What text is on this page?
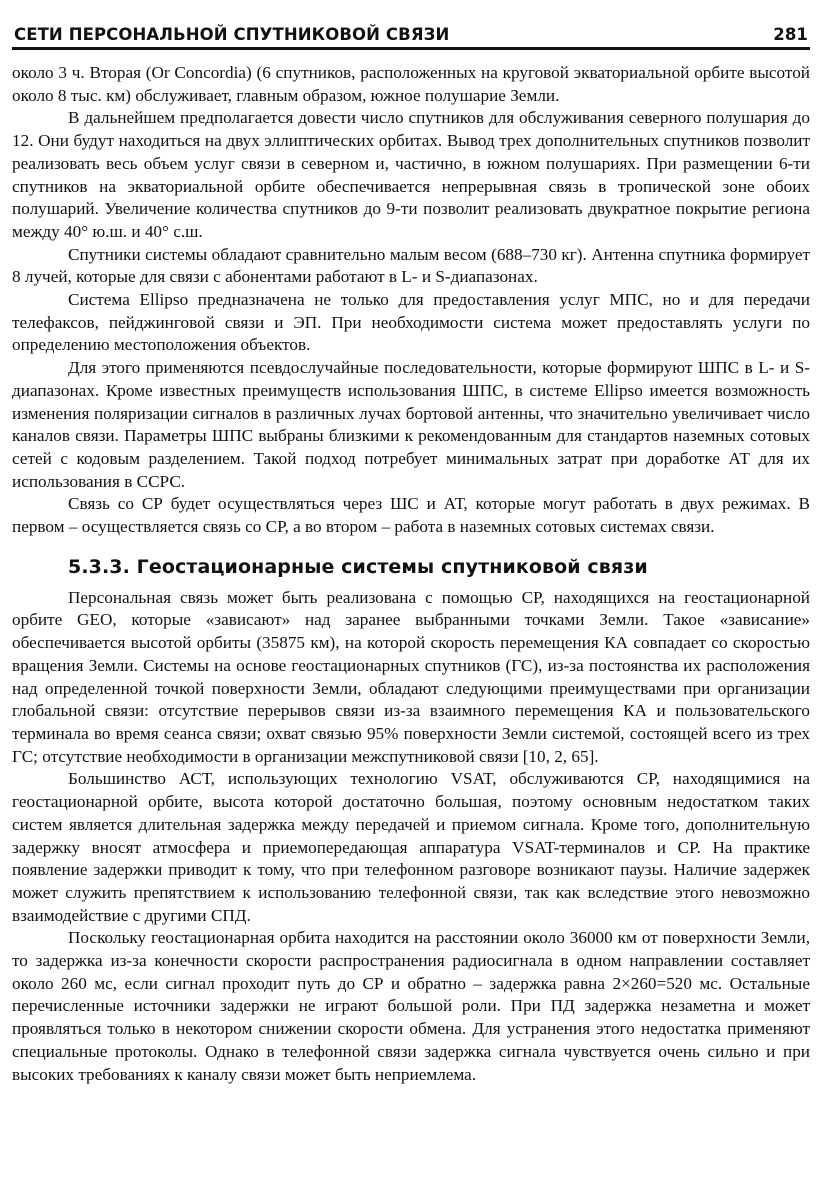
СЕТИ ПЕРСОНАЛЬНОЙ СПУТНИКОВОЙ СВЯЗИ	281

около 3 ч. Вторая (Or Concordia) (6 спутников, расположенных на круговой экваториальной орбите высотой около 8 тыс. км) обслуживает, главным образом, южное полушарие Земли.

В дальнейшем предполагается довести число спутников для обслуживания северного полушария до 12. Они будут находиться на двух эллиптических орбитах. Вывод трех дополнительных спутников позволит реализовать весь объем услуг связи в северном и, частично, в южном полушариях. При размещении 6-ти спутников на экваториальной орбите обеспечивается непрерывная связь в тропической зоне обоих полушарий. Увеличение количества спутников до 9-ти позволит реализовать двукратное покрытие региона между 40° ю.ш. и 40° с.ш.

Спутники системы обладают сравнительно малым весом (688–730 кг). Антенна спутника формирует 8 лучей, которые для связи с абонентами работают в L- и S-диапазонах.

Система Ellipso предназначена не только для предоставления услуг МПС, но и для передачи телефаксов, пейджинговой связи и ЭП. При необходимости система может предоставлять услуги по определению местоположения объектов.

Для этого применяются псевдослучайные последовательности, которые формируют ШПС в L- и S-диапазонах. Кроме известных преимуществ использования ШПС, в системе Ellipso имеется возможность изменения поляризации сигналов в различных лучах бортовой антенны, что значительно увеличивает число каналов связи. Параметры ШПС выбраны близкими к рекомендованным для стандартов наземных сотовых сетей с кодовым разделением. Такой подход потребует минимальных затрат при доработке АТ для их использования в ССРС.

Связь со СР будет осуществляться через ШС и АТ, которые могут работать в двух режимах. В первом – осуществляется связь со СР, а во втором – работа в наземных сотовых системах связи.

5.3.3. Геостационарные системы спутниковой связи

Персональная связь может быть реализована с помощью СР, находящихся на геостационарной орбите GEO, которые «зависают» над заранее выбранными точками Земли. Такое «зависание» обеспечивается высотой орбиты (35875 км), на которой скорость перемещения КА совпадает со скоростью вращения Земли. Системы на основе геостационарных спутников (ГС), из-за постоянства их расположения над определенной точкой поверхности Земли, обладают следующими преимуществами при организации глобальной связи: отсутствие перерывов связи из-за взаимного перемещения КА и пользовательского терминала во время сеанса связи; охват связью 95% поверхности Земли системой, состоящей всего из трех ГС; отсутствие необходимости в организации межспутниковой связи [10, 2, 65].

Большинство АСТ, использующих технологию VSAT, обслуживаются СР, находящимися на геостационарной орбите, высота которой достаточно большая, поэтому основным недостатком таких систем является длительная задержка между передачей и приемом сигнала. Кроме того, дополнительную задержку вносят атмосфера и приемопередающая аппаратура VSAT-терминалов и СР. На практике появление задержки приводит к тому, что при телефонном разговоре возникают паузы. Наличие задержек может служить препятствием к использованию телефонной связи, так как вследствие этого невозможно взаимодействие с другими СПД.

Поскольку геостационарная орбита находится на расстоянии около 36000 км от поверхности Земли, то задержка из-за конечности скорости распространения радиосигнала в одном направлении составляет около 260 мс, если сигнал проходит путь до СР и обратно – задержка равна 2×260=520 мс. Остальные перечисленные источники задержки не играют большой роли. При ПД задержка незаметна и может проявляться только в некотором снижении скорости обмена. Для устранения этого недостатка применяют специальные протоколы. Однако в телефонной связи задержка сигнала чувствуется очень сильно и при высоких требованиях к каналу связи может быть неприемлема.
